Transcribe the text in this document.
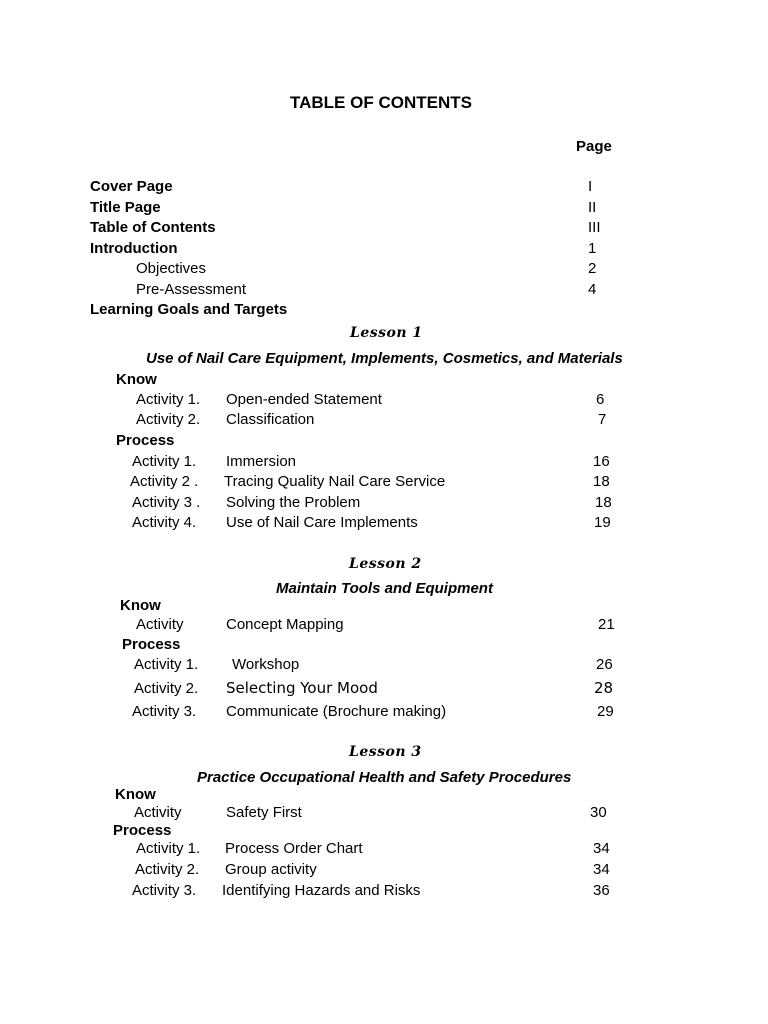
TABLE OF CONTENTS
Page
Cover Page	I
Title Page	II
Table of Contents	III
Introduction	1
Objectives	2
Pre-Assessment	4
Learning Goals and Targets
Lesson 1
Use of Nail Care Equipment, Implements, Cosmetics, and Materials
Know
Activity 1. Open-ended Statement	6
Activity 2. Classification	7
Process
Activity 1. Immersion	16
Activity 2 . Tracing Quality Nail Care Service	18
Activity 3 . Solving the Problem	18
Activity 4. Use of Nail Care Implements	19
Lesson 2
Maintain Tools and Equipment
Know
Activity	Concept Mapping	21
Process
Activity 1. Workshop	26
Activity 2. Selecting Your Mood	28
Activity 3. Communicate (Brochure making)	29
Lesson 3
Practice Occupational Health and Safety Procedures
Know
Activity	Safety First	30
Process
Activity 1. Process Order Chart	34
Activity 2. Group activity	34
Activity 3. Identifying Hazards and Risks	36
